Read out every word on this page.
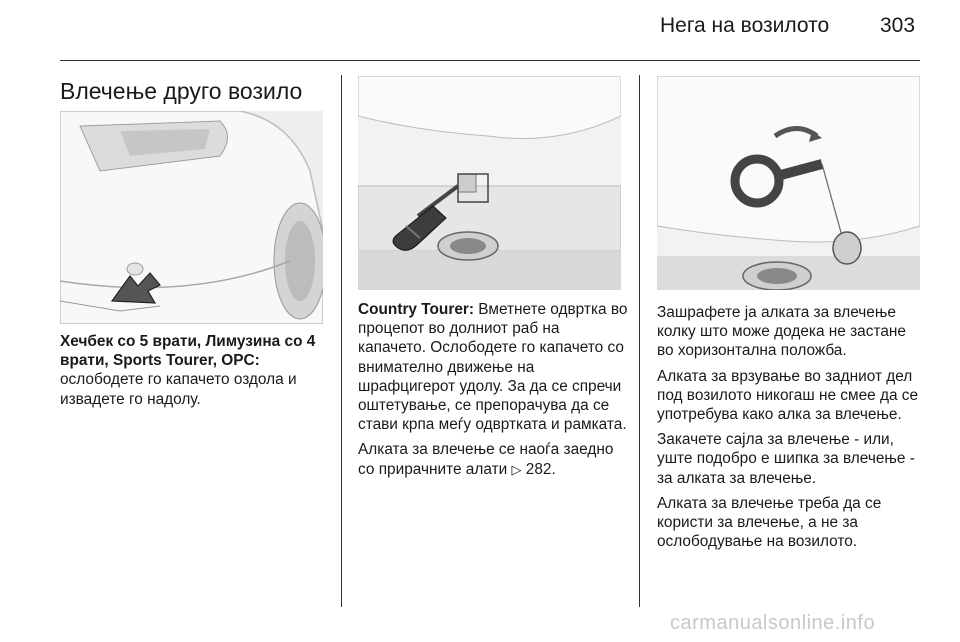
Нега на возилото 303
Влечење друго возило

Хечбек со 5 врати, Лимузина со 4 врати, Sports Tourer, OPC: ослободете го капачето оздола и извадете го надолу.

Country Tourer: Вметнете одвртка во процепот во долниот раб на капачето. Ослободете го капачето со внимателно движење на шрафцигерот удолу. За да се спречи оштетување, се препорачува да се стави крпа меѓу одвртката и рамката.

Алката за влечење се наоѓа заедно со прирачните алати ▷ 282.

Зашрафете ја алката за влечење колку што може додека не застане во хоризонтална положба.

Алката за врзување во задниот дел под возилото никогаш не смее да се употребува како алка за влечење.

Закачете сајла за влечење - или, уште подобро е шипка за влечење - за алката за влечење.

Алката за влечење треба да се користи за влечење, а не за ослободување на возилото.

carmanualsonline.info
